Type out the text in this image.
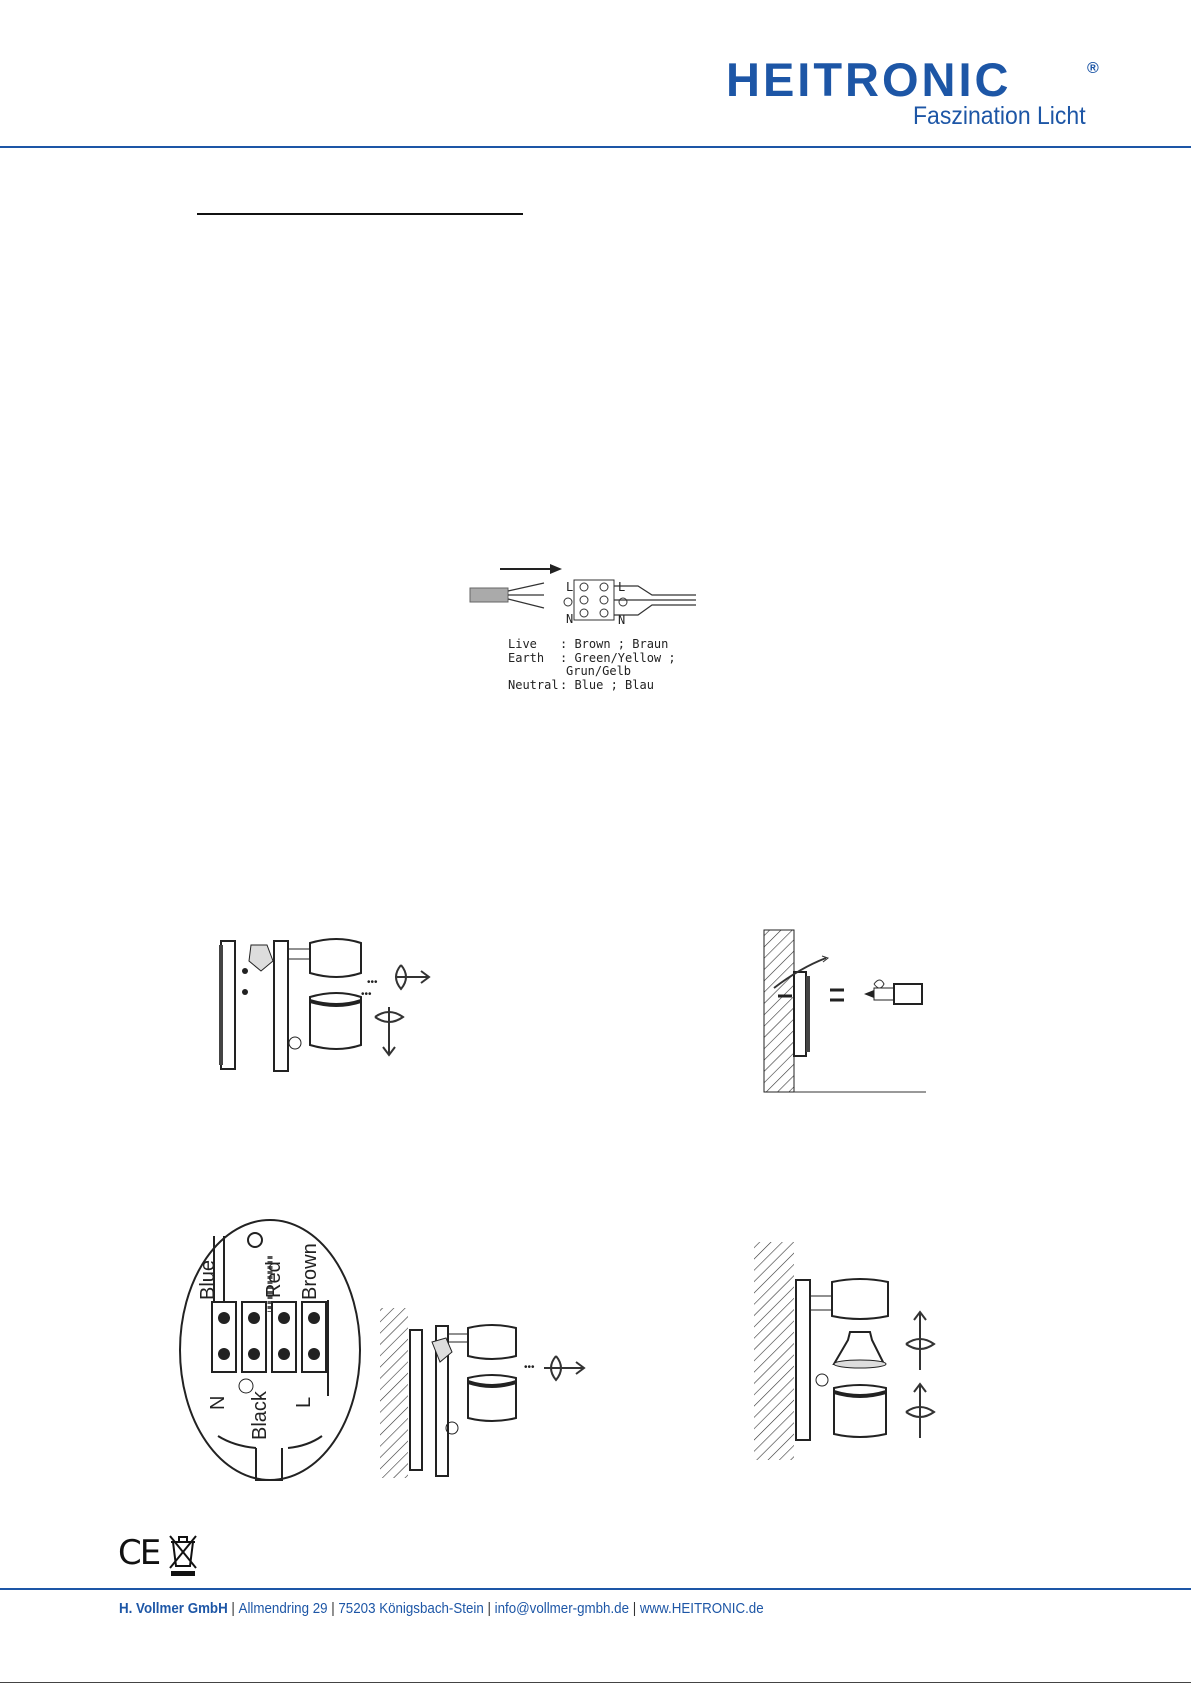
HEITRONIC	®
Faszination Licht
L
N
L
N
Live : Brown ; Braun
Earth : Green/Yellow ;
Grun/Gelb
Neutral : Blue ; Blau
•••
•••
Blue Red Brown
Black
N	L
•••
CE
H. Vollmer GmbH | Allmendring 29 | 75203 Königsbach-Stein | info@vollmer-gmbh.de | www.HEITRONIC.de
